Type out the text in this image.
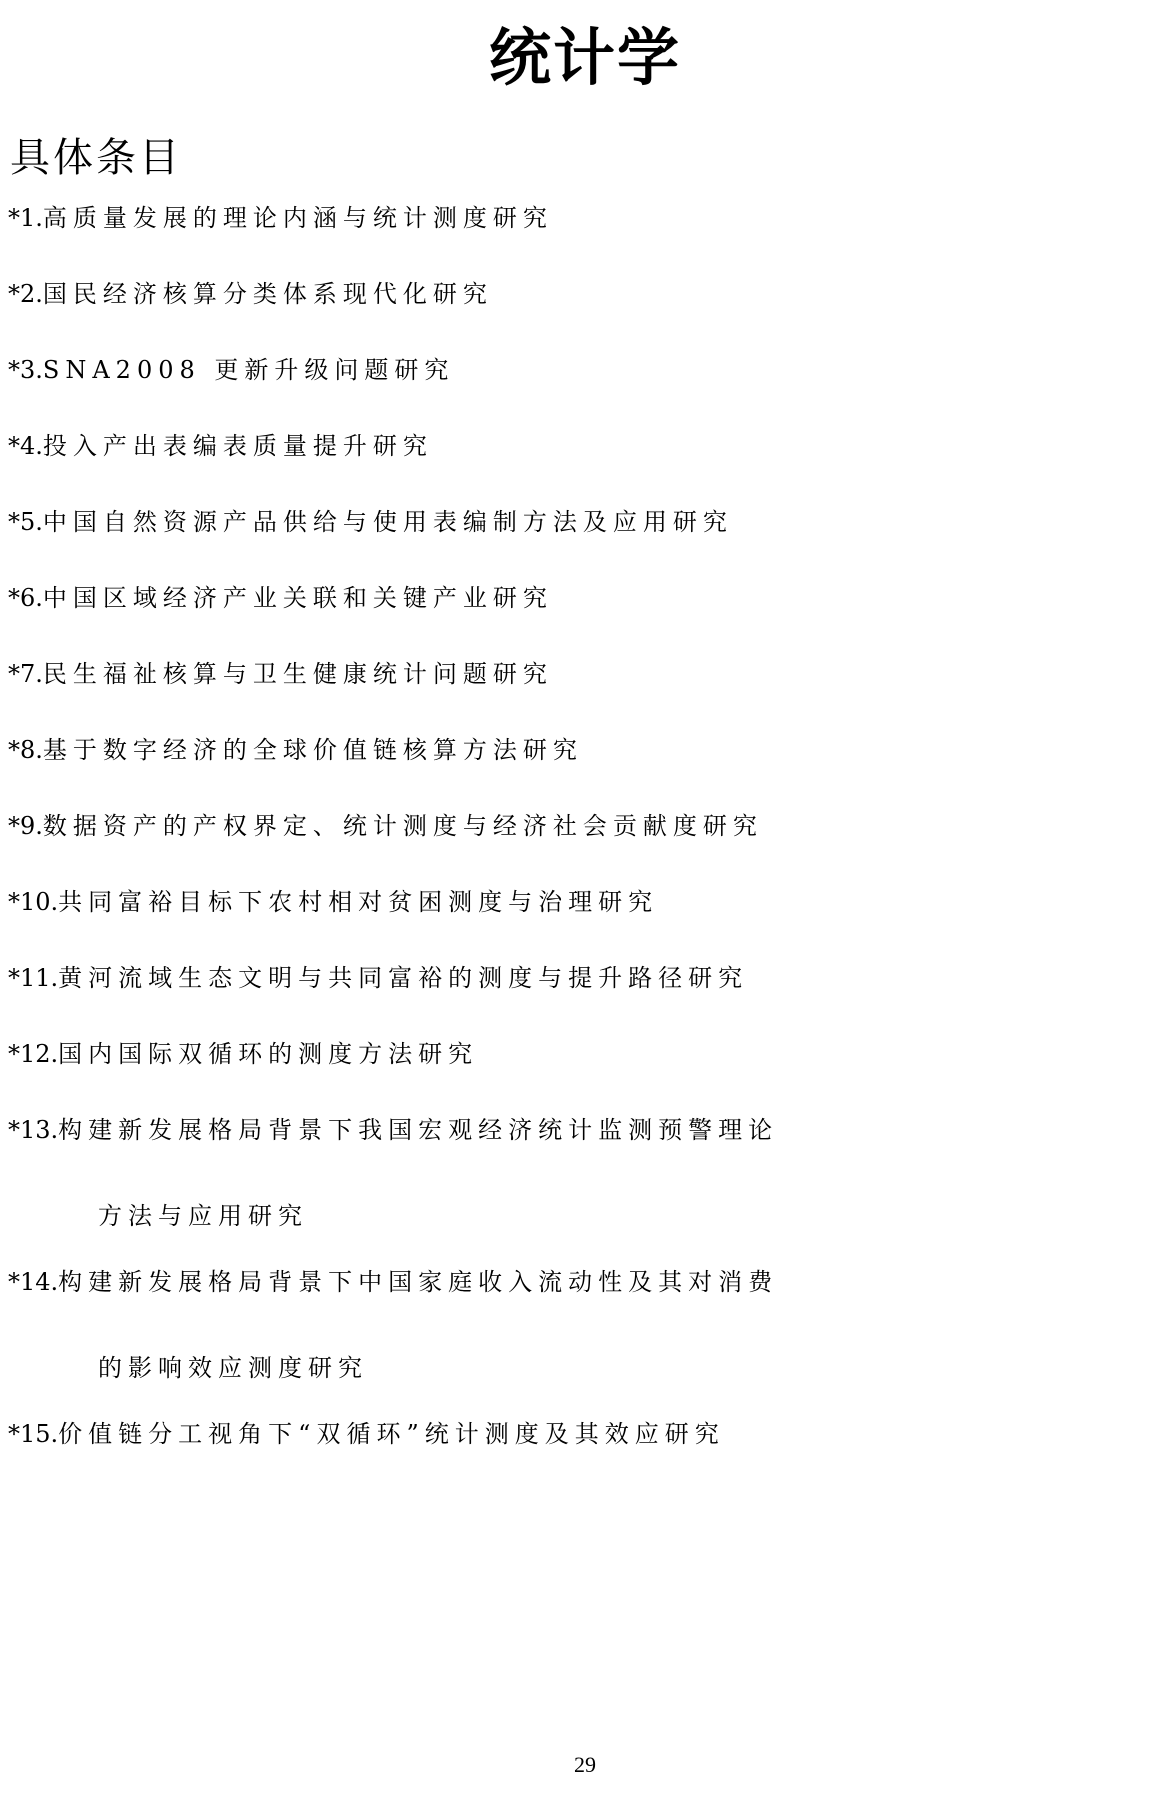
统计学
具体条目
*1.高质量发展的理论内涵与统计测度研究
*2.国民经济核算分类体系现代化研究
*3.SNA2008 更新升级问题研究
*4.投入产出表编表质量提升研究
*5.中国自然资源产品供给与使用表编制方法及应用研究
*6.中国区域经济产业关联和关键产业研究
*7.民生福祉核算与卫生健康统计问题研究
*8.基于数字经济的全球价值链核算方法研究
*9.数据资产的产权界定、统计测度与经济社会贡献度研究
*10.共同富裕目标下农村相对贫困测度与治理研究
*11.黄河流域生态文明与共同富裕的测度与提升路径研究
*12.国内国际双循环的测度方法研究
*13.构建新发展格局背景下我国宏观经济统计监测预警理论
方法与应用研究
*14.构建新发展格局背景下中国家庭收入流动性及其对消费
的影响效应测度研究
*15.价值链分工视角下“双循环”统计测度及其效应研究
29
